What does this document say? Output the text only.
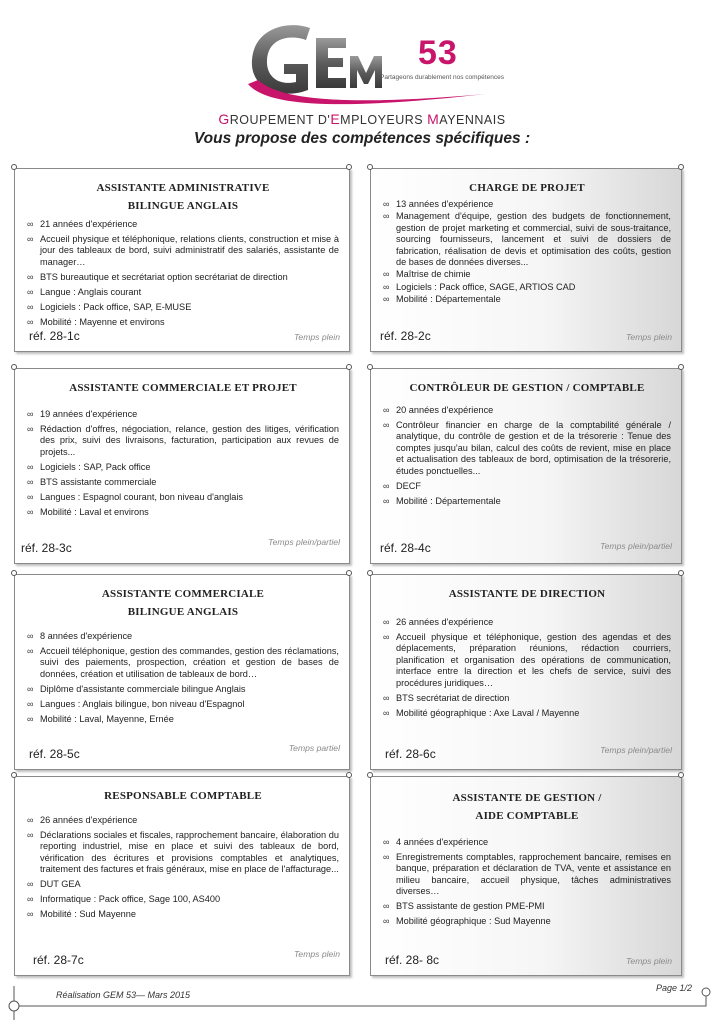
53
Partageons durablement nos compétences
GROUPEMENT D'EMPLOYEURS MAYENNAIS
Vous propose des compétences spécifiques :
ASSISTANTE ADMINISTRATIVE
BILINGUE ANGLAIS
∞ 21 années d'expérience
∞ Accueil physique et téléphonique, relations clients, construction et mise à jour des tableaux de bord, suivi administratif des salariés, assistante de manager…
∞ BTS bureautique et secrétariat option secrétariat de direction
∞ Langue : Anglais courant
∞ Logiciels : Pack office, SAP, E-MUSE
∞ Mobilité : Mayenne et environs
réf. 28-1c	Temps plein
CHARGE DE PROJET
∞ 13 années d'expérience
∞ Management d'équipe, gestion des budgets de fonctionnement, gestion de projet marketing et commercial, suivi de sous-traitance, sourcing fournisseurs, lancement et suivi de dossiers de fabrication, réalisation de devis et optimisation des coûts, gestion de bases de données diverses...
∞ Maîtrise de chimie
∞ Logiciels : Pack office, SAGE, ARTIOS CAD
∞ Mobilité : Départementale
réf. 28-2c	Temps plein
ASSISTANTE COMMERCIALE ET PROJET
∞ 19 années d'expérience
∞ Rédaction d'offres, négociation, relance, gestion des litiges, vérification des prix, suivi des livraisons, facturation, participation aux revues de projets...
∞ Logiciels : SAP, Pack office
∞ BTS assistante commerciale
∞ Langues : Espagnol courant, bon niveau d'anglais
∞ Mobilité : Laval et environs
réf. 28-3c	Temps plein/partiel
CONTRÔLEUR DE GESTION / COMPTABLE
∞ 20 années d'expérience
∞ Contrôleur financier en charge de la comptabilité générale / analytique, du contrôle de gestion et de la trésorerie : Tenue des comptes jusqu'au bilan, calcul des coûts de revient, mise en place et actualisation des tableaux de bord, optimisation de la trésorerie, études ponctuelles...
∞ DECF
∞ Mobilité : Départementale
réf. 28-4c	Temps plein/partiel
ASSISTANTE COMMERCIALE
BILINGUE ANGLAIS
∞ 8 années d'expérience
∞ Accueil téléphonique, gestion des commandes, gestion des réclamations, suivi des paiements, prospection, création et gestion de bases de données, création et utilisation de tableaux de bord…
∞ Diplôme d'assistante commerciale bilingue Anglais
∞ Langues : Anglais bilingue, bon niveau d'Espagnol
∞ Mobilité : Laval, Mayenne, Ernée
réf. 28-5c	Temps partiel
ASSISTANTE DE DIRECTION
∞ 26 années d'expérience
∞ Accueil physique et téléphonique, gestion des agendas et des déplacements, préparation réunions, rédaction courriers, planification et organisation des opérations de communication, interface entre la direction et les chefs de service, suivi des procédures juridiques…
∞ BTS secrétariat de direction
∞ Mobilité géographique : Axe Laval / Mayenne
réf. 28-6c	Temps plein/partiel
RESPONSABLE COMPTABLE
∞ 26 années d'expérience
∞ Déclarations sociales et fiscales, rapprochement bancaire, élaboration du reporting industriel, mise en place et suivi des tableaux de bord, vérification des écritures et provisions comptables et analytiques, traitement des factures et frais généraux, mise en place de l'affacturage...
∞ DUT GEA
∞ Informatique : Pack office, Sage 100, AS400
∞ Mobilité : Sud Mayenne
réf. 28-7c	Temps plein
ASSISTANTE DE GESTION /
AIDE COMPTABLE
∞ 4 années d'expérience
∞ Enregistrements comptables, rapprochement bancaire, remises en banque, préparation et déclaration de TVA, vente et assistance en milieu bancaire, accueil physique, tâches administratives diverses…
∞ BTS assistante de gestion PME-PMI
∞ Mobilité géographique : Sud Mayenne
réf. 28- 8c	Temps plein
Réalisation GEM 53— Mars 2015
Page 1/2
